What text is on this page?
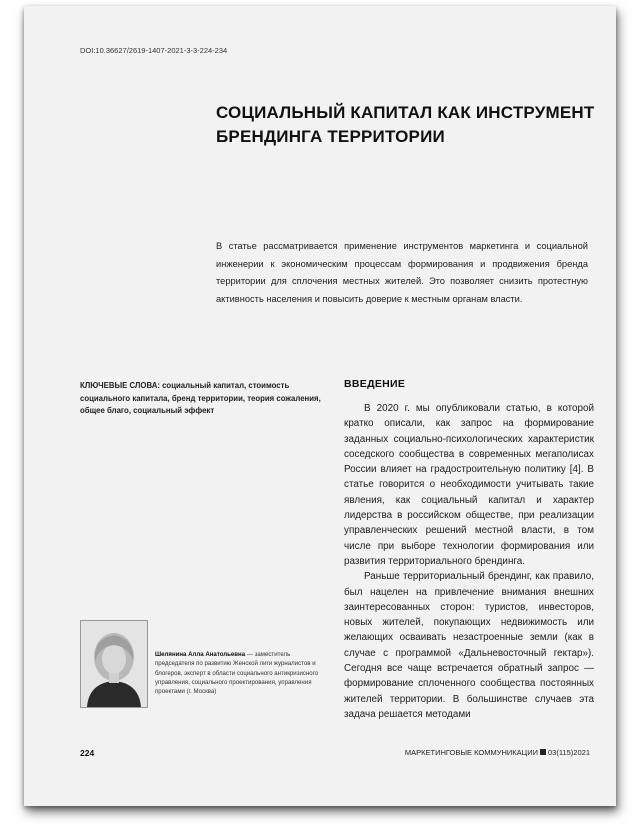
DOI:10.36627/2619-1407-2021-3-3-224-234
СОЦИАЛЬНЫЙ КАПИТАЛ КАК ИНСТРУМЕНТ
БРЕНДИНГА ТЕРРИТОРИИ
В статье рассматривается применение инструментов маркетинга и социальной инженерии к экономическим процессам формирования и продвижения бренда территории для сплочения местных жителей. Это позволяет снизить протестную активность населения и повысить доверие к местным органам власти.
КЛЮЧЕВЫЕ СЛОВА: социальный капитал, стоимость социального капитала, бренд территории, теория сожаления, общее благо, социальный эффект
ВВЕДЕНИЕ

В 2020 г. мы опубликовали статью, в которой кратко описали, как запрос на формирование заданных социально-психологических характеристик соседского сообщества в современных мегаполисах России влияет на градостроительную политику [4]. В статье говорится о необходимости учитывать такие явления, как социальный капитал и характер лидерства в российском обществе, при реализации управленческих решений местной власти, в том числе при выборе технологии формирования или развития территориального брендинга.

Раньше территориальный брендинг, как правило, был нацелен на привлечение внимания внешних заинтересованных сторон: туристов, инвесторов, новых жителей, покупающих недвижимость или желающих осваивать незастроенные земли (как в случае с программой «Дальневосточный гектар»). Сегодня все чаще встречается обратный запрос — формирование сплоченного сообщества постоянных жителей территории. В большинстве случаев эта задача решается методами

Шелянина Алла Анатольевна — заместитель председателя по развитию Женской лиги журналистов и блогеров, эксперт в области социального антикризисного управления, социального проектирования, управления проектами (г. Москва)
224	МАРКЕТИНГОВЫЕ КОММУНИКАЦИИ 03(115)2021
